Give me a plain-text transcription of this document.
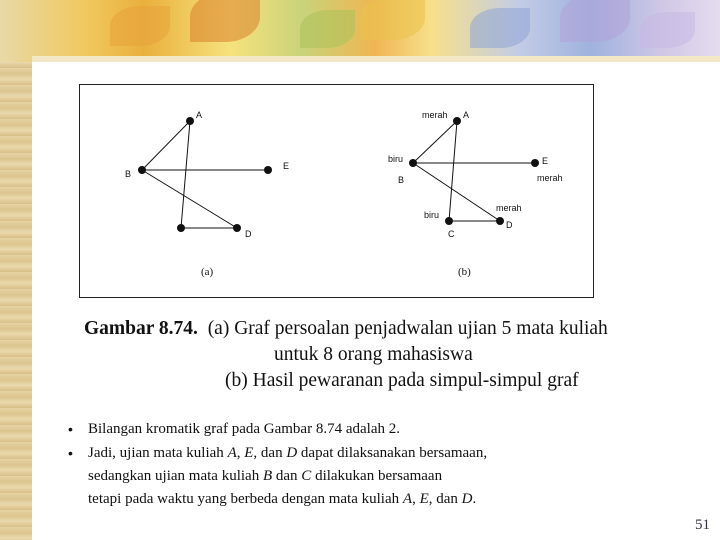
A
B
E
D
(a)
merah A
biru
B
E
merah
merah
D
biru
C
(b)
Gambar 8.74. (a) Graf persoalan penjadwalan ujian 5 mata kuliah
untuk 8 orang mahasiswa
(b) Hasil pewaranan pada simpul-simpul graf
• Bilangan kromatik graf pada Gambar 8.74 adalah 2.
• Jadi, ujian mata kuliah A, E, dan D dapat dilaksanakan bersamaan,
sedangkan ujian mata kuliah B dan C dilakukan bersamaan
tetapi pada waktu yang berbeda dengan mata kuliah A, E, dan D.
51
